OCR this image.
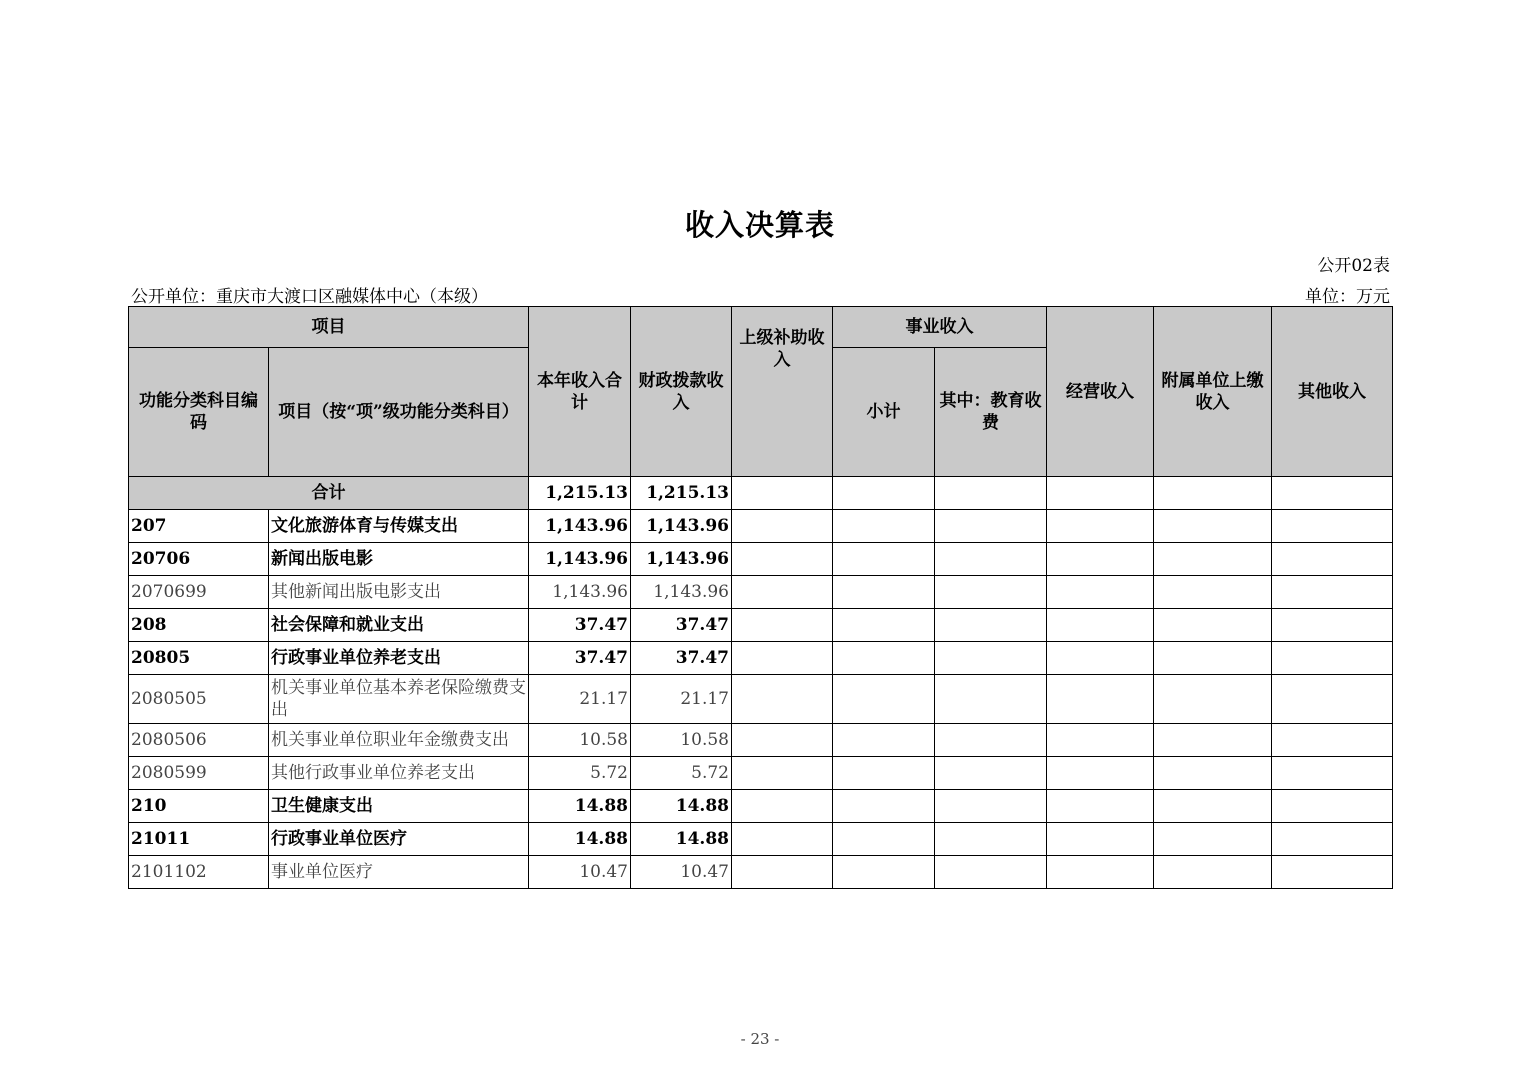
收入决算表
公开02表
公开单位：重庆市大渡口区融媒体中心（本级）	单位：万元
项目		本年收入合计	财政拨款收入	上级补助收入	事业收入		经营收入	附属单位上缴收入	其他收入
功能分类科目编码	项目（按“项”级功能分类科目）				小计	其中：教育收费			
合计		1,215.13	1,215.13						
207	文化旅游体育与传媒支出	1,143.96	1,143.96						
20706	新闻出版电影	1,143.96	1,143.96						
2070699	其他新闻出版电影支出	1,143.96	1,143.96						
208	社会保障和就业支出	37.47	37.47						
20805	行政事业单位养老支出	37.47	37.47						
2080505	机关事业单位基本养老保险缴费支出	21.17	21.17						
2080506	机关事业单位职业年金缴费支出	10.58	10.58						
2080599	其他行政事业单位养老支出	5.72	5.72						
210	卫生健康支出	14.88	14.88						
21011	行政事业单位医疗	14.88	14.88						
2101102	事业单位医疗	10.47	10.47						
- 23 -
